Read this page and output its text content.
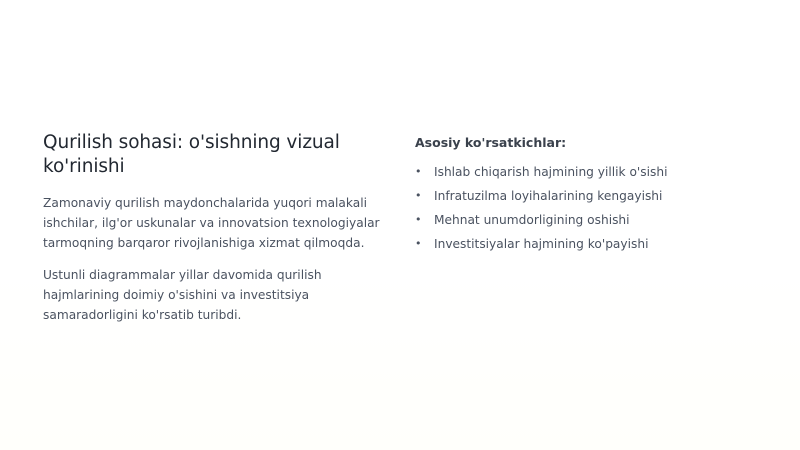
Qurilish sohasi: o'sishning vizual ko'rinishi

Zamonaviy qurilish maydonchalarida yuqori malakali ishchilar, ilg'or uskunalar va innovatsion texnologiyalar tarmoqning barqaror rivojlanishiga xizmat qilmoqda.

Ustunli diagrammalar yillar davomida qurilish hajmlarining doimiy o'sishini va investitsiya samaradorligini ko'rsatib turibdi.

Asosiy ko'rsatkichlar:
•	Ishlab chiqarish hajmining yillik o'sishi
•	Infratuzilma loyihalarining kengayishi
•	Mehnat unumdorligining oshishi
•	Investitsiyalar hajmining ko'payishi
